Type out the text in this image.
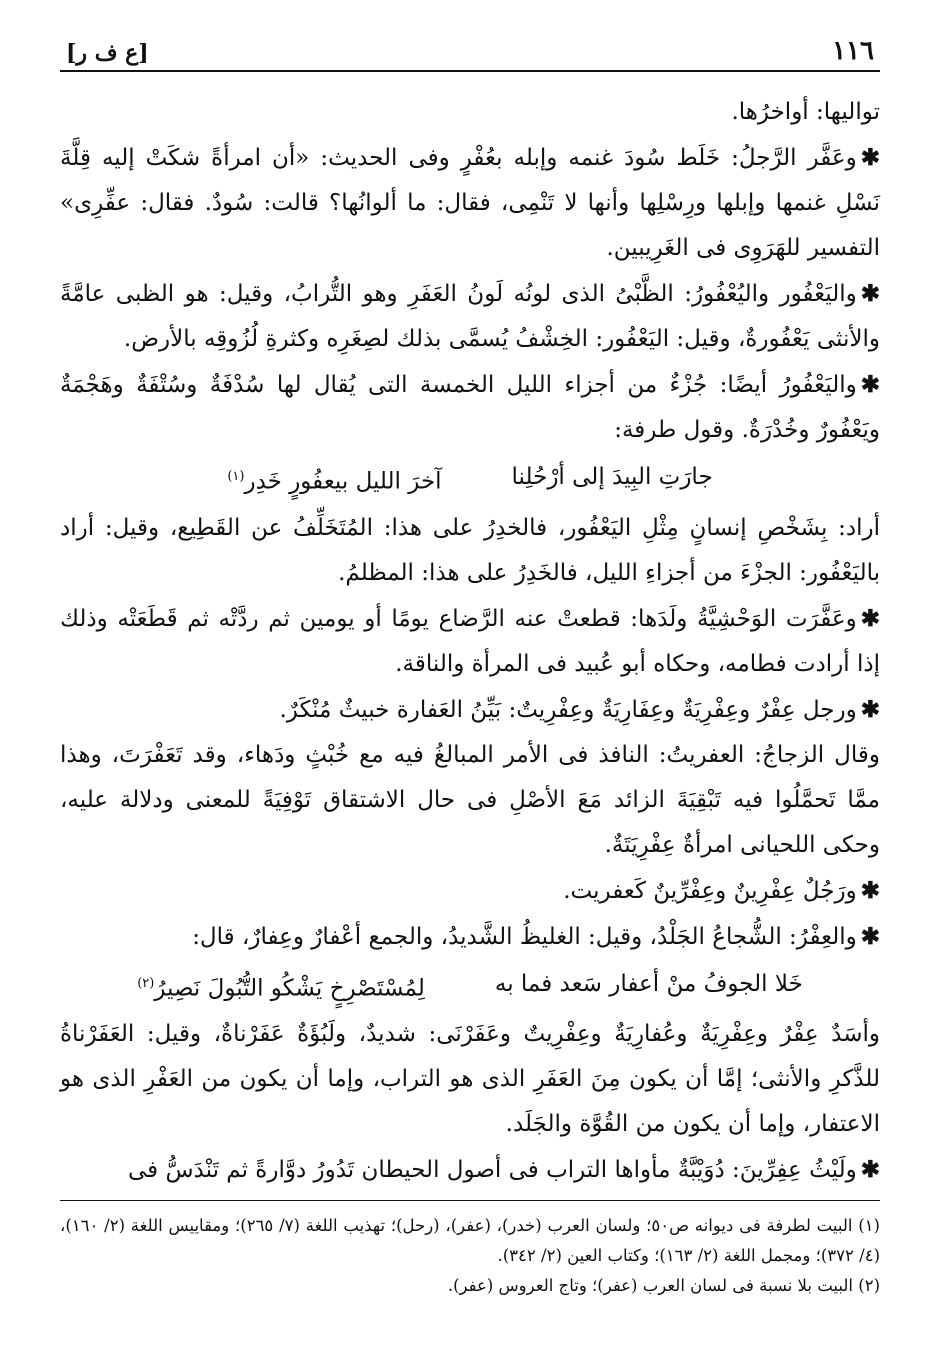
١١٦
[ع ف ر]

تواليها: أواخرُها.

✱وعَفَّر الرَّجلُ: خَلَط سُودَ غنمه وإبله بعُفْرٍ وفى الحديث: «أن امرأةً شكَتْ إليه قِلَّةَ نَسْلِ غنمها وإبلها ورِسْلِها وأنها لا تَنْمِى، فقال: ما ألوانُها؟ قالت: سُودٌ. فقال: عفِّرِى» التفسير للهَرَوِى فى الغَرِيبين.

✱واليَعْفُور واليُعْفُورُ: الظَّبْىُ الذى لونُه لَونُ العَفَرِ وهو التُّرابُ، وقيل: هو الظبى عامَّةً والأنثى يَعْفُورةٌ، وقيل: اليَعْفُور: الخِشْفُ يُسمَّى بذلك لصِغَرِه وكثرةِ لُزُوقِه بالأرض.

✱واليَعْفُورُ أيضًا: جُزْءٌ من أجزاء الليل الخمسة التى يُقال لها سُدْفَةٌ وسُتْفَةٌ وهَجْمَةٌ ويَعْفُورٌ وخُدْرَةٌ. وقول طرفة:

جارَتِ البِيدَ إلى أرْحُلِنا
آخرَ الليل بيعفُورٍ خَدِر$^{(١)}$

أراد: بِشَخْصِ إنسانٍ مِثْلِ اليَعْفُور، فالخدِرُ على هذا: المُتَخَلِّفُ عن القَطِيع، وقيل: أراد باليَعْفُور: الجزْءَ من أجزاءِ الليل، فالخَدِرُ على هذا: المظلمُ.

✱وعَفَّرَت الوَحْشِيَّةُ ولَدَها: قطعتْ عنه الرَّضاع يومًا أو يومين ثم ردَّتْه ثم قَطَعَتْه وذلك إذا أرادت فطامه، وحكاه أبو عُبيد فى المرأة والناقة.

✱ورجل عِفْرٌ وعِفْرِيَةٌ وعِفَارِيَةٌ وعِفْرِيتٌ: بَيِّنُ العَفارة خبيثٌ مُنْكَرٌ.

وقال الزجاجُ: العفريتُ: النافذ فى الأمر المبالغُ فيه مع خُبْثٍ ودَهاء، وقد تَعَفْرَتَ، وهذا ممَّا تَحمَّلُوا فيه تَبْقِيَةَ الزائد مَعَ الأصْلِ فى حال الاشتقاق تَوْفِيَةً للمعنى ودلالة عليه، وحكى اللحيانى امرأةٌ عِفْرِيَتَةٌ.

✱ورَجُلٌ عِفْرِينٌ وعِفْرِّينٌ كَعفريت.

✱والعِفْرُ: الشُّجاعُ الجَلْدُ، وقيل: الغليظُ الشَّديدُ، والجمع أعْفارٌ وعِفارٌ، قال:

خَلا الجوفُ منْ أعفار سَعد فما به
لِمُسْتَصْرِخٍ يَشْكُو التُّبُولَ نَصِيرُ$^{(٢)}$

وأسَدٌ عِفْرٌ وعِفْرِيَةٌ وعُفارِيَةٌ وعِفْرِيتٌ وعَفَرْنَى: شديدٌ، ولَبُؤَةٌ عَفَرْناةٌ، وقيل: العَفَرْناةُ للذَّكرِ والأنثى؛ إمَّا أن يكون مِنَ العَفَرِ الذى هو التراب، وإما أن يكون من العَفْرِ الذى هو الاعتفار، وإما أن يكون من القُوَّة والجَلَد.

✱ولَيْثُ عِفِرِّينَ: دُوَيْبَّةٌ مأواها التراب فى أصول الحيطان تَدُورُ دوَّارةً ثم تَنْدَسُّ فى

(١) البيت لطرفة فى ديوانه ص٥٠؛ ولسان العرب (خدر)، (عفر)، (رحل)؛ تهذيب اللغة (٧/ ٢٦٥)؛ ومقاييس اللغة (٢/ ١٦٠)، (٤/ ٣٧٢)؛ ومجمل اللغة (٢/ ١٦٣)؛ وكتاب العين (٢/ ٣٤٢).

(٢) البيت بلا نسبة فى لسان العرب (عفر)؛ وتاج العروس (عفر).
